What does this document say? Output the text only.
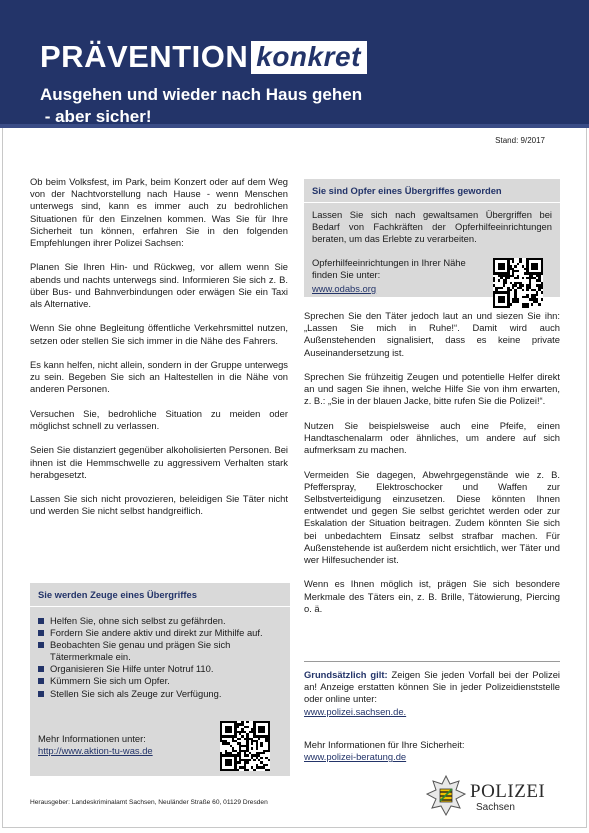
PRÄVENTION konkret
Ausgehen und wieder nach Haus gehen
- aber sicher!
Stand: 9/2017

Ob beim Volksfest, im Park, beim Konzert oder auf dem Weg von der Nachtvorstellung nach Hause - wenn Menschen unterwegs sind, kann es immer auch zu bedrohlichen Situationen für den Einzelnen kommen. Was Sie für Ihre Sicherheit tun können, erfahren Sie in den folgenden Empfehlungen ihrer Polizei Sachsen:

Planen Sie Ihren Hin- und Rückweg, vor allem wenn Sie abends und nachts unterwegs sind. Informieren Sie sich z. B. über Bus- und Bahnverbindungen oder erwägen Sie ein Taxi als Alternative.

Wenn Sie ohne Begleitung öffentliche Verkehrsmittel nutzen, setzen oder stellen Sie sich immer in die Nähe des Fahrers.

Es kann helfen, nicht allein, sondern in der Gruppe unterwegs zu sein. Begeben Sie sich an Haltestellen in die Nähe von anderen Personen.

Versuchen Sie, bedrohliche Situation zu meiden oder möglichst schnell zu verlassen.

Seien Sie distanziert gegenüber alkoholisierten Personen. Bei ihnen ist die Hemmschwelle zu aggressivem Verhalten stark herabgesetzt.

Lassen Sie sich nicht provozieren, beleidigen Sie Täter nicht und werden Sie nicht selbst handgreiflich.

Sie sind Opfer eines Übergriffes geworden
Lassen Sie sich nach gewaltsamen Übergriffen bei Bedarf von Fachkräften der Opferhilfeeinrichtungen beraten, um das Erlebte zu verarbeiten.
Opferhilfeeinrichtungen in Ihrer Nähe finden Sie unter:
www.odabs.org

Sprechen Sie den Täter jedoch laut an und siezen Sie ihn: „Lassen Sie mich in Ruhe!“. Damit wird auch Außenstehenden signalisiert, dass es keine private Auseinandersetzung ist.

Sprechen Sie frühzeitig Zeugen und potentielle Helfer direkt an und sagen Sie ihnen, welche Hilfe Sie von ihm erwarten, z. B.: „Sie in der blauen Jacke, bitte rufen Sie die Polizei!“.

Nutzen Sie beispielsweise auch eine Pfeife, einen Handtaschenalarm oder ähnliches, um andere auf sich aufmerksam zu machen.

Vermeiden Sie dagegen, Abwehrgegenstände wie z. B. Pfefferspray, Elektroschocker und Waffen zur Selbstverteidigung einzusetzen. Diese könnten Ihnen entwendet und gegen Sie selbst gerichtet werden oder zur Eskalation der Situation beitragen. Zudem könnten Sie sich bei unbedachtem Einsatz selbst strafbar machen. Für Außenstehende ist außerdem nicht ersichtlich, wer Täter und wer Hilfesuchender ist.

Wenn es Ihnen möglich ist, prägen Sie sich besondere Merkmale des Täters ein, z. B. Brille, Tätowierung, Piercing o. ä.

Grundsätzlich gilt: Zeigen Sie jeden Vorfall bei der Polizei an! Anzeige erstatten können Sie in jeder Polizeidienststelle oder online unter:
www.polizei.sachsen.de.
Mehr Informationen für Ihre Sicherheit:
www.polizei-beratung.de
Sie werden Zeuge eines Übergriffes
Helfen Sie, ohne sich selbst zu gefährden.
Fordern Sie andere aktiv und direkt zur Mithilfe auf.
Beobachten Sie genau und prägen Sie sich Tätermerkmale ein.
Organisieren Sie Hilfe unter Notruf 110.
Kümmern Sie sich um Opfer.
Stellen Sie sich als Zeuge zur Verfügung.
Mehr Informationen unter:
http://www.aktion-tu-was.de
Herausgeber: Landeskriminalamt Sachsen, Neuländer Straße 60, 01129 Dresden
POLIZEI
Sachsen
